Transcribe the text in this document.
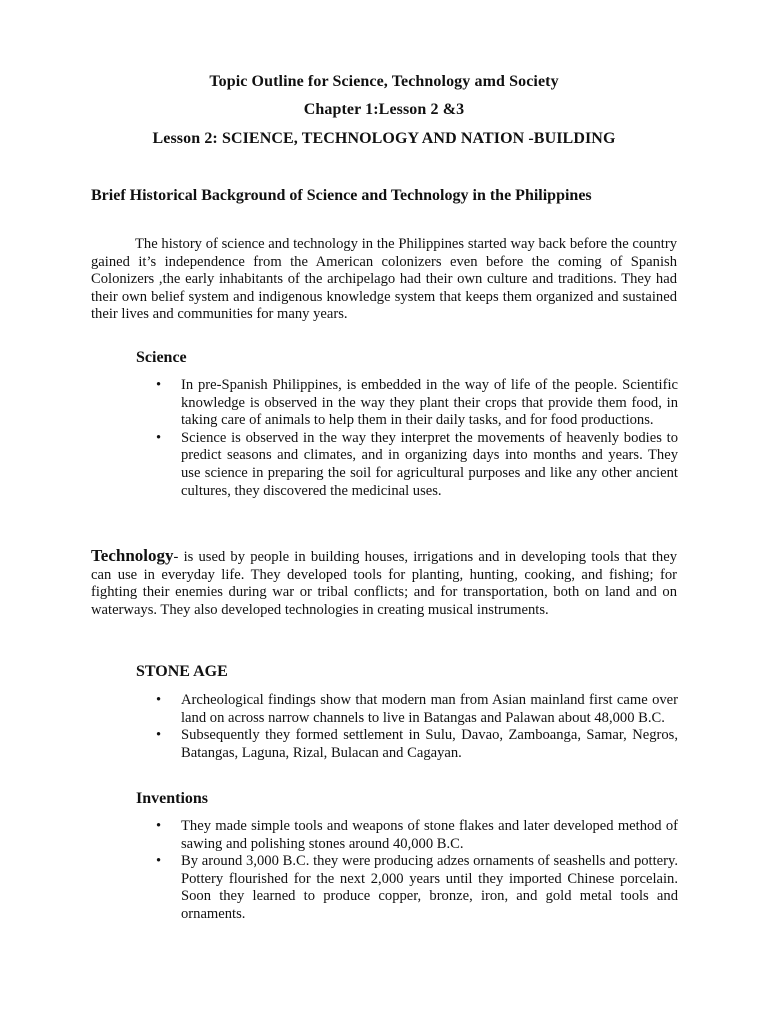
Topic Outline for Science, Technology amd Society
Chapter 1:Lesson 2 &3
Lesson 2: SCIENCE, TECHNOLOGY AND NATION -BUILDING
Brief Historical Background of Science and Technology in the Philippines
The history of science and technology in the Philippines started way back before the country gained it’s independence from the American colonizers even before the coming of Spanish Colonizers ,the early inhabitants of the archipelago had their own culture and traditions. They had their own belief system and indigenous knowledge system that keeps them organized and sustained their lives and communities for many years.
Science
• In pre-Spanish Philippines, is embedded in the way of life of the people. Scientific knowledge is observed in the way they plant their crops that provide them food, in taking care of animals to help them in their daily tasks, and for food productions.
• Science is observed in the way they interpret the movements of heavenly bodies to predict seasons and climates, and in organizing days into months and years. They use science in preparing the soil for agricultural purposes and like any other ancient cultures, they discovered the medicinal uses.
Technology- is used by people in building houses, irrigations and in developing tools that they can use in everyday life. They developed tools for planting, hunting, cooking, and fishing; for fighting their enemies during war or tribal conflicts; and for transportation, both on land and on waterways. They also developed technologies in creating musical instruments.
STONE AGE
• Archeological findings show that modern man from Asian mainland first came over land on across narrow channels to live in Batangas and Palawan about 48,000 B.C.
• Subsequently they formed settlement in Sulu, Davao, Zamboanga, Samar, Negros, Batangas, Laguna, Rizal, Bulacan and Cagayan.
Inventions
• They made simple tools and weapons of stone flakes and later developed method of sawing and polishing stones around 40,000 B.C.
• By around 3,000 B.C. they were producing adzes ornaments of seashells and pottery. Pottery flourished for the next 2,000 years until they imported Chinese porcelain. Soon they learned to produce copper, bronze, iron, and gold metal tools and ornaments.
